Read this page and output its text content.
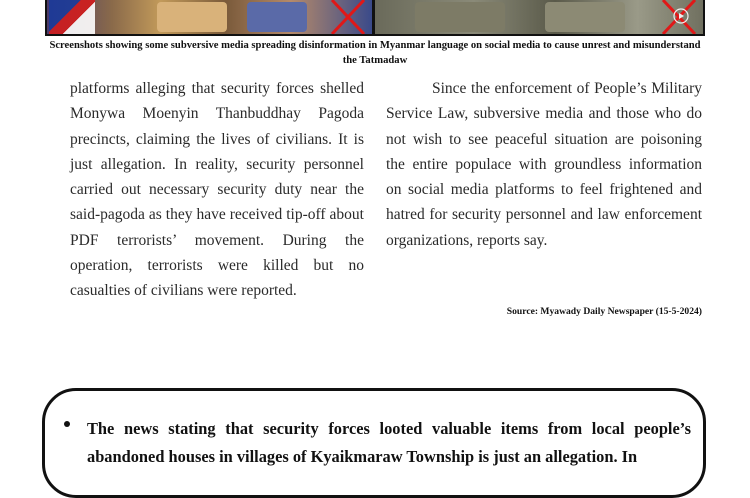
Screenshots showing some subversive media spreading disinformation in Myanmar language on social media to cause unrest and misunderstand the Tatmadaw

platforms alleging that security forces shelled Monywa Moenyin Thanbuddhay Pagoda precincts, claiming the lives of civilians. It is just allegation. In reality, security personnel carried out necessary security duty near the said-pagoda as they have received tip-off about PDF terrorists’ movement. During the operation, terrorists were killed but no casualties of civilians were reported.

Since the enforcement of People’s Military Service Law, subversive media and those who do not wish to see peaceful situation are poisoning the entire populace with groundless information on social media platforms to feel frightened and hatred for security personnel and law enforcement organizations, reports say.

Source: Myawady Daily Newspaper (15-5-2024)
The news stating that security forces looted valuable items from local people’s abandoned houses in villages of Kyaikmaraw Township is just an allegation. In
